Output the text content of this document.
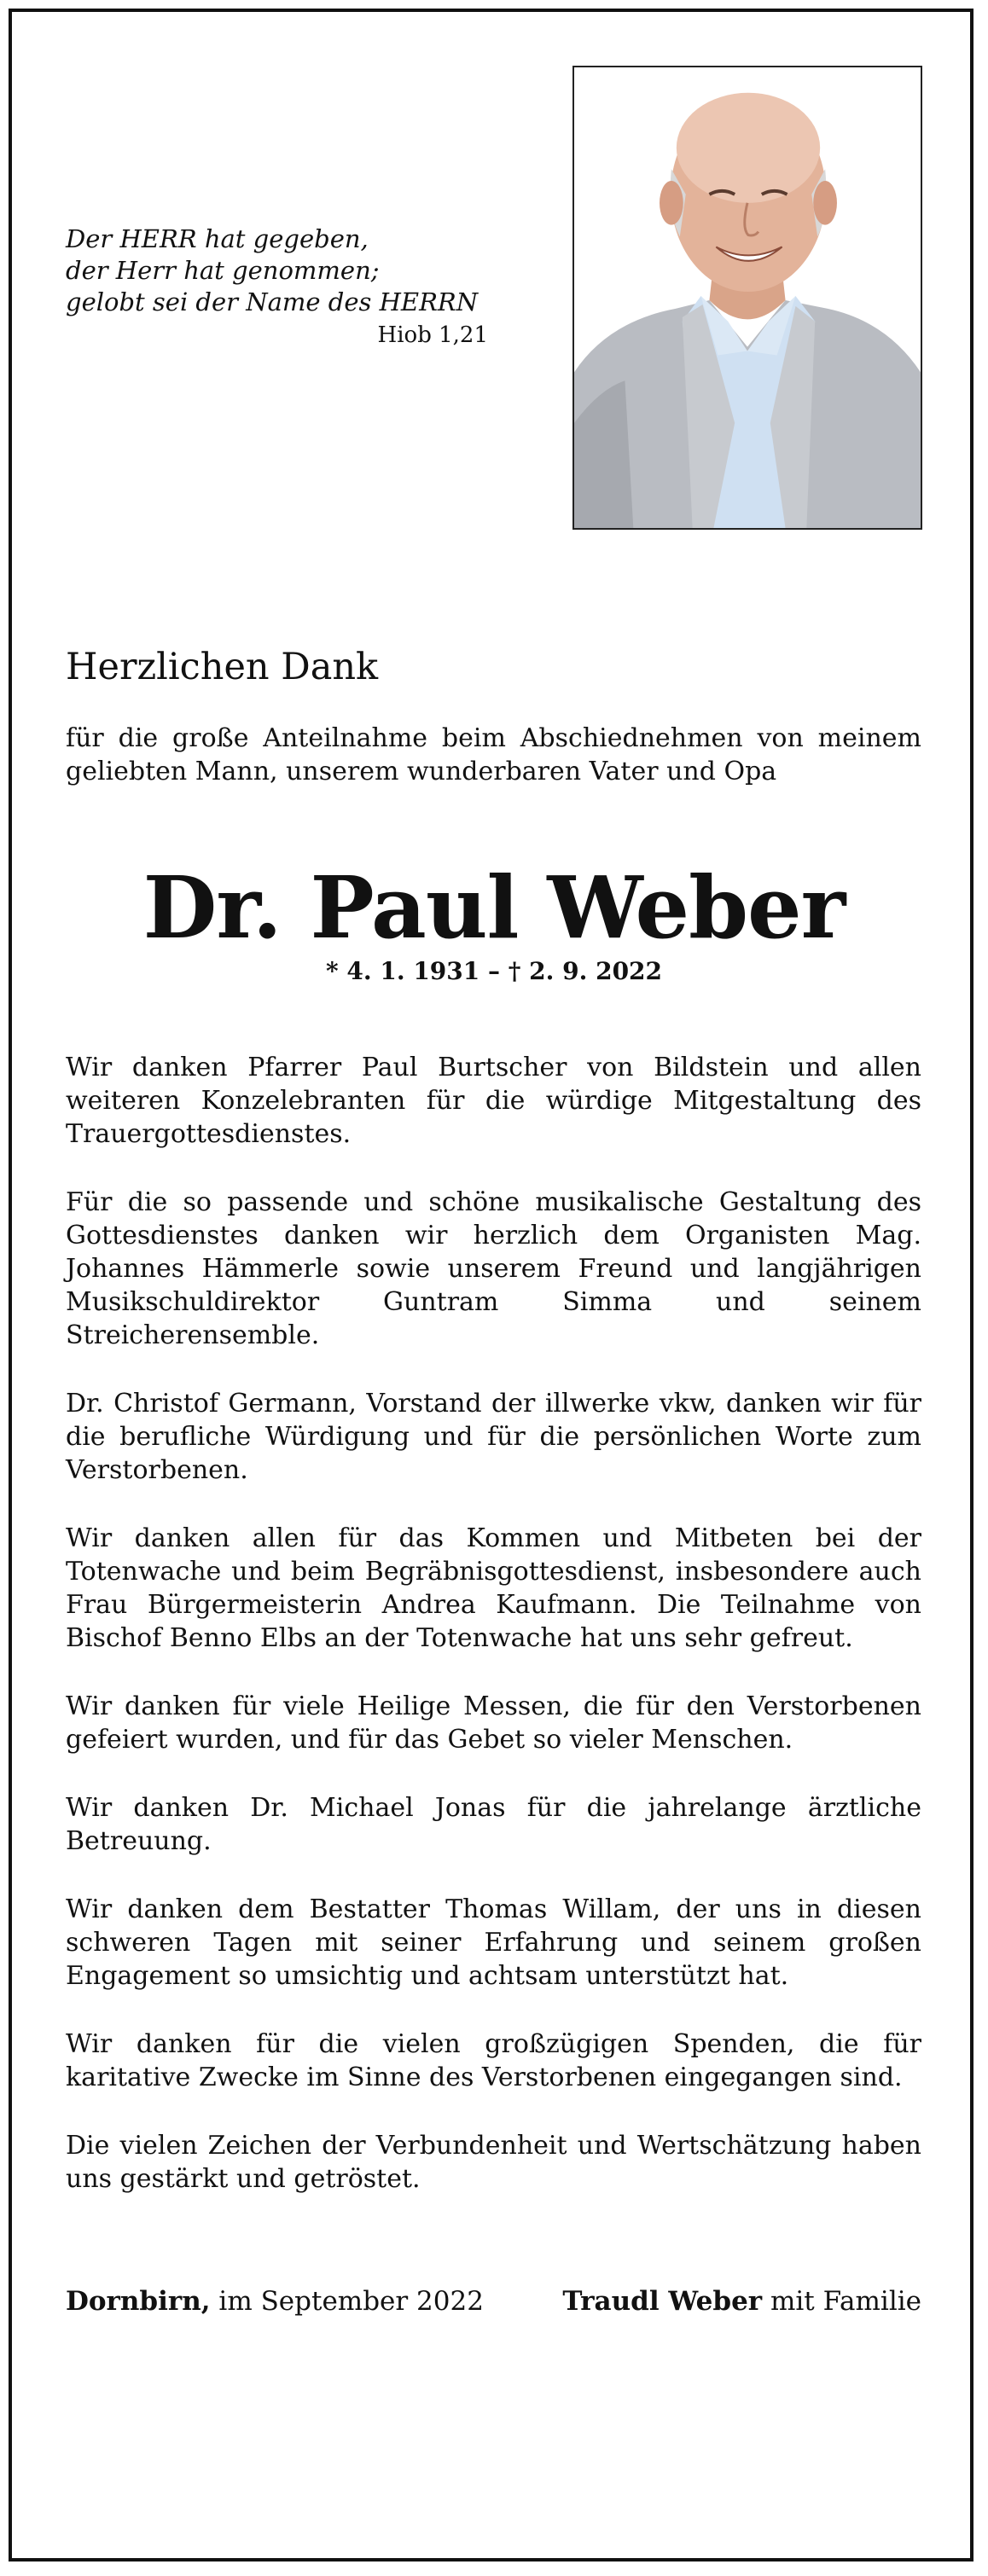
Der HERR hat gegeben,
der Herr hat genommen;
gelobt sei der Name des HERRN
Hiob 1,21
Herzlichen Dank
für die große Anteilnahme beim Abschiednehmen von meinem geliebten Mann, unserem wunderbaren Vater und Opa
Dr. Paul Weber
* 4. 1. 1931 – † 2. 9. 2022

Wir danken Pfarrer Paul Burtscher von Bildstein und allen weiteren Konzelebranten für die würdige Mitgestaltung des Trauergottesdienstes.

Für die so passende und schöne musikalische Gestaltung des Gottesdienstes danken wir herzlich dem Organisten Mag. Johannes Hämmerle sowie unserem Freund und langjährigen Musikschuldirektor Guntram Simma und seinem Streicherensemble.

Dr. Christof Germann, Vorstand der illwerke vkw, danken wir für die berufliche Würdigung und für die persönlichen Worte zum Verstorbenen.

Wir danken allen für das Kommen und Mitbeten bei der Totenwache und beim Begräbnisgottesdienst, insbesondere auch Frau Bürgermeisterin Andrea Kaufmann. Die Teilnahme von Bischof Benno Elbs an der Totenwache hat uns sehr gefreut.

Wir danken für viele Heilige Messen, die für den Verstorbenen gefeiert wurden, und für das Gebet so vieler Menschen.

Wir danken Dr. Michael Jonas für die jahrelange ärztliche Betreuung.

Wir danken dem Bestatter Thomas Willam, der uns in diesen schweren Tagen mit seiner Erfahrung und seinem großen Engagement so umsichtig und achtsam unterstützt hat.

Wir danken für die vielen großzügigen Spenden, die für karitative Zwecke im Sinne des Verstorbenen eingegangen sind.

Die vielen Zeichen der Verbundenheit und Wertschätzung haben uns gestärkt und getröstet.

Dornbirn, im September 2022	Traudl Weber mit Familie
